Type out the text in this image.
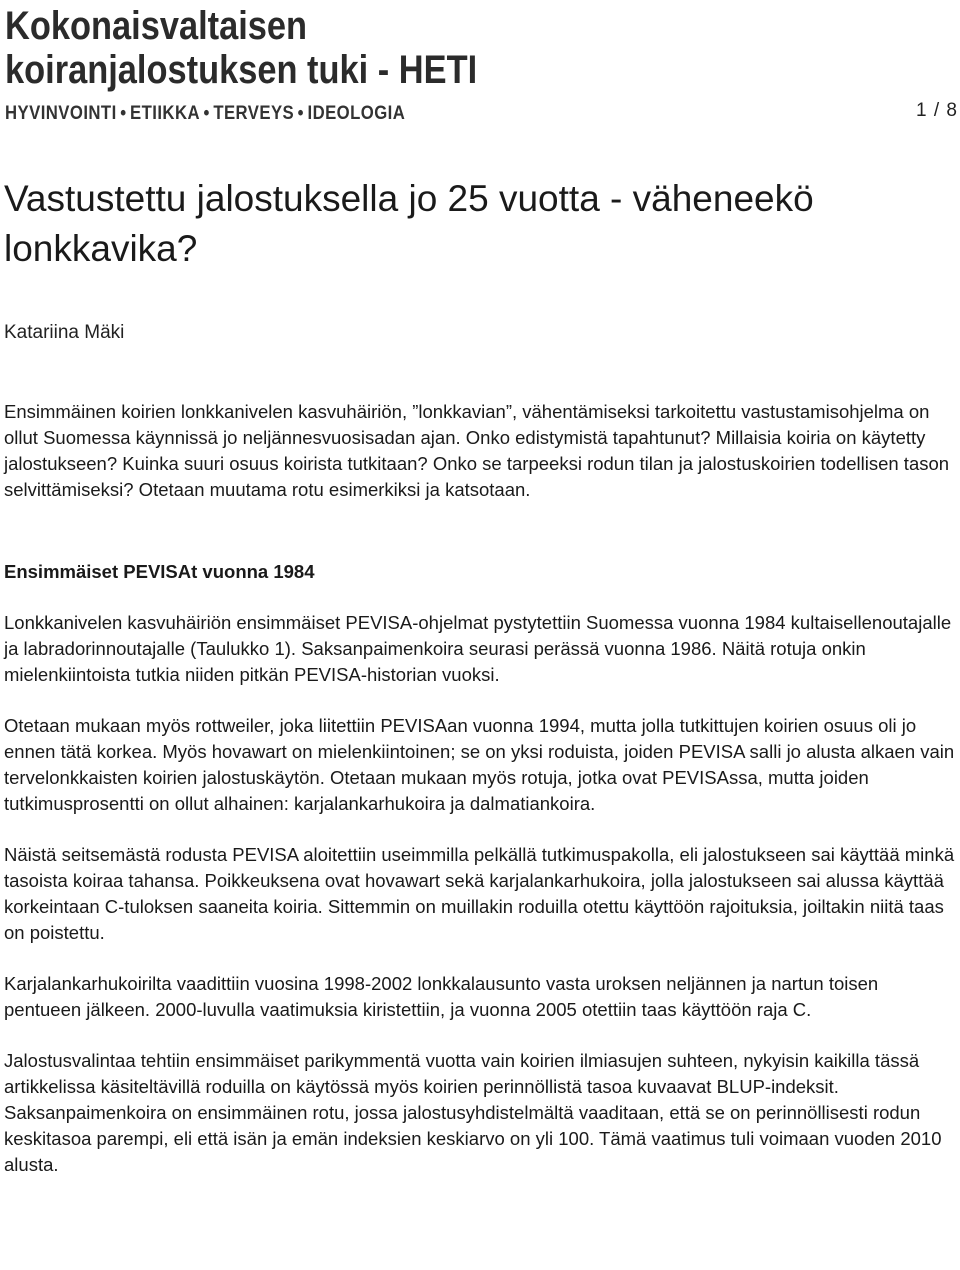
Kokonaisvaltaisen
koiranjalostuksen tuki - HETI
HYVINVOINTI • ETIIKKA • TERVEYS • IDEOLOGIA	1 / 8
Vastustettu jalostuksella jo 25 vuotta - väheneekö lonkkavika?
Katariina Mäki

Ensimmäinen koirien lonkkanivelen kasvuhäiriön, ”lonkkavian”, vähentämiseksi tarkoitettu vastustamisohjelma on ollut Suomessa käynnissä jo neljännesvuosisadan ajan. Onko edistymistä tapahtunut? Millaisia koiria on käytetty jalostukseen? Kuinka suuri osuus koirista tutkitaan? Onko se tarpeeksi rodun tilan ja jalostuskoirien todellisen tason selvittämiseksi? Otetaan muutama rotu esimerkiksi ja katsotaan.

Ensimmäiset PEVISAt vuonna 1984

Lonkkanivelen kasvuhäiriön ensimmäiset PEVISA-ohjelmat pystytettiin Suomessa vuonna 1984 kultaisellenoutajalle ja labradorinnoutajalle (Taulukko 1). Saksanpaimenkoira seurasi perässä vuonna 1986. Näitä rotuja onkin mielenkiintoista tutkia niiden pitkän PEVISA-historian vuoksi.

Otetaan mukaan myös rottweiler, joka liitettiin PEVISAan vuonna 1994, mutta jolla tutkittujen koirien osuus oli jo ennen tätä korkea. Myös hovawart on mielenkiintoinen; se on yksi roduista, joiden PEVISA salli jo alusta alkaen vain tervelonkkaisten koirien jalostuskäytön. Otetaan mukaan myös rotuja, jotka ovat PEVISAssa, mutta joiden tutkimusprosentti on ollut alhainen: karjalankarhukoira ja dalmatiankoira.

Näistä seitsemästä rodusta PEVISA aloitettiin useimmilla pelkällä tutkimuspakolla, eli jalostukseen sai käyttää minkä tasoista koiraa tahansa. Poikkeuksena ovat hovawart sekä karjalankarhukoira, jolla jalostukseen sai alussa käyttää korkeintaan C-tuloksen saaneita koiria. Sittemmin on muillakin roduilla otettu käyttöön rajoituksia, joiltakin niitä taas on poistettu.

Karjalankarhukoirilta vaadittiin vuosina 1998-2002 lonkkalausunto vasta uroksen neljännen ja nartun toisen pentueen jälkeen. 2000-luvulla vaatimuksia kiristettiin, ja vuonna 2005 otettiin taas käyttöön raja C.

Jalostusvalintaa tehtiin ensimmäiset parikymmentä vuotta vain koirien ilmiasujen suhteen, nykyisin kaikilla tässä artikkelissa käsiteltävillä roduilla on käytössä myös koirien perinnöllistä tasoa kuvaavat BLUP-indeksit. Saksanpaimenkoira on ensimmäinen rotu, jossa jalostusyhdistelmältä vaaditaan, että se on perinnöllisesti rodun keskitasoa parempi, eli että isän ja emän indeksien keskiarvo on yli 100. Tämä vaatimus tuli voimaan vuoden 2010 alusta.
